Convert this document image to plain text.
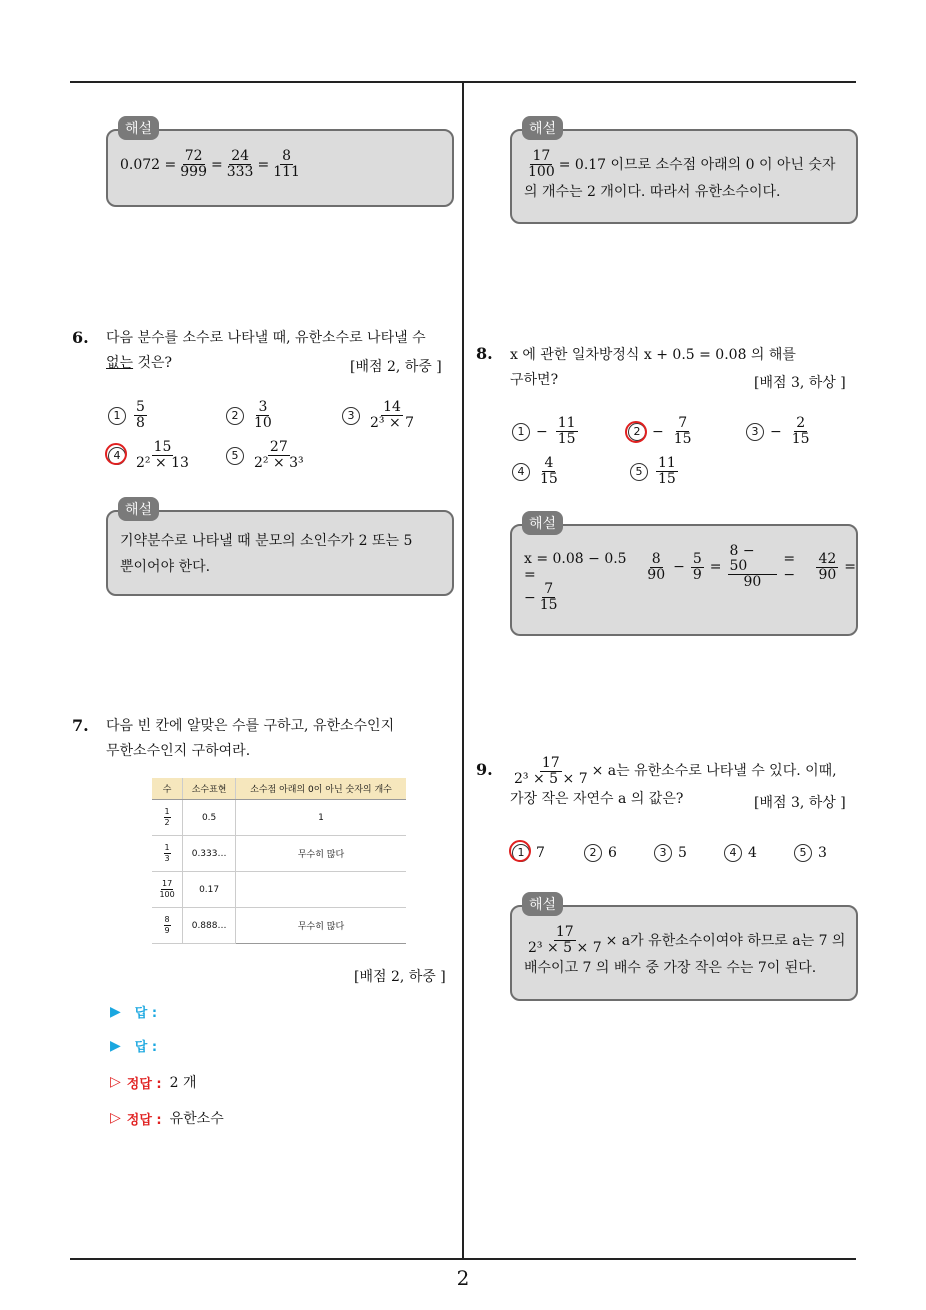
0.072̇ = $\frac{72}{999} = \frac{24}{333} = \frac{8}{111}$
해설
6. 다음 분수를 소수로 나타낼 때, 유한소수로 나타낼 수
없는 것은?	[배점 2, 하중 ]
$1 \frac{5}{8}$	$2 \frac{3}{10}$	$3 \frac{14}{\text{2³ × 7}}$
$4 \frac{15}{\text{2² × 13}}$	$5 \frac{27}{\text{2² × 3³}}$
기약분수로 나타낼 때 분모의 소인수가 2 또는 5
뿐이어야 한다.
해설
7. 다음 빈 칸에 알맞은 수를 구하고, 유한소수인지
무한소수인지 구하여라.
수	소수표현	소수점 아래의 0이 아닌 숫자의 개수

$\frac{1}{2}$	0.5	1

$\frac{1}{3}$	0.333…	무수히 많다

$\frac{17}{100}$	0.17	

$\frac{8}{9}$	0.888…	무수히 많다
[배점 2, 하중 ]
▶ 답 :
▶ 답 :
▷ 정답 : 2 개
▷ 정답 : 유한소수
$\frac{17}{100} = 0.17$ 이므로 소수점 아래의 0 이 아닌 숫자
의 개수는 2 개이다. 따라서 유한소수이다.
해설
8. x 에 관한 일차방정식 x + 0.5̇ = 0.08̇ 의 해를
구하면?	[배점 3, 하상 ]
$1 - \frac{11}{15}$	$2 - \frac{7}{15}$	$3 - \frac{2}{15}$
$4 \frac{4}{15}$	$5 \frac{11}{15}$
x = 0.08̇ − 0.5̇ =	$\frac{8}{90} - \frac{5}{9} = \frac{8 - 50}{90}$ = −	$\frac{42}{90}$ =
− $\frac{7}{15}$
해설
9. $\frac{17}{\text{2³ × 5 × 7}} \times a$는 유한소수로 나타낼 수 있다. 이때,
가장 작은 자연수 a 의 값은?	[배점 3, 하상 ]
1 7	2 6	3 5	4 4	5 3
$\frac{17}{\text{2³ × 5 × 7}} \times a$가 유한소수이여야 하므로 a는 7 의
배수이고 7 의 배수 중 가장 작은 수는 7이 된다.
해설
2
